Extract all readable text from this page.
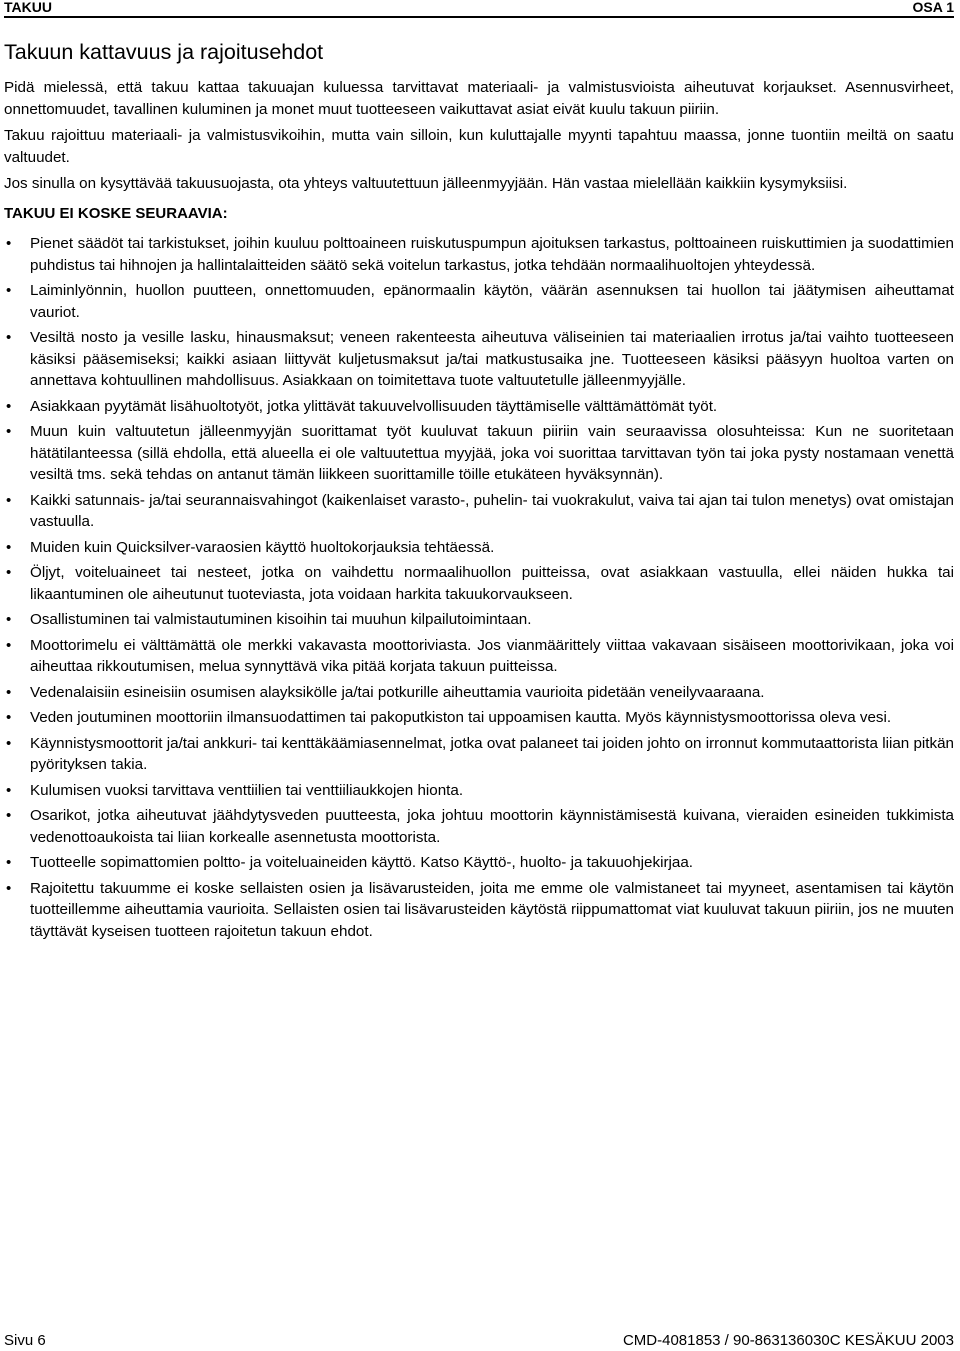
TAKUU	OSA 1
Takuun kattavuus ja rajoitusehdot

Pidä mielessä, että takuu kattaa takuuajan kuluessa tarvittavat materiaali- ja valmistusvioista aiheutuvat korjaukset. Asennusvirheet, onnettomuudet, tavallinen kuluminen ja monet muut tuotteeseen vaikuttavat asiat eivät kuulu takuun piiriin.

Takuu rajoittuu materiaali- ja valmistusvikoihin, mutta vain silloin, kun kuluttajalle myynti tapahtuu maassa, jonne tuontiin meiltä on saatu valtuudet.

Jos sinulla on kysyttävää takuusuojasta, ota yhteys valtuutettuun jälleenmyyjään. Hän vastaa mielellään kaikkiin kysymyksiisi.

TAKUU EI KOSKE SEURAAVIA:
• Pienet säädöt tai tarkistukset, joihin kuuluu polttoaineen ruiskutuspumpun ajoituksen tarkastus, polttoaineen ruiskuttimien ja suodattimien puhdistus tai hihnojen ja hallintalaitteiden säätö sekä voitelun tarkastus, jotka tehdään normaalihuoltojen yhteydessä.
• Laiminlyönnin, huollon puutteen, onnettomuuden, epänormaalin käytön, väärän asennuksen tai huollon tai jäätymisen aiheuttamat vauriot.
• Vesiltä nosto ja vesille lasku, hinausmaksut; veneen rakenteesta aiheutuva väliseinien tai materiaalien irrotus ja/tai vaihto tuotteeseen käsiksi pääsemiseksi; kaikki asiaan liittyvät kuljetusmaksut ja/tai matkustusaika jne. Tuotteeseen käsiksi pääsyyn huoltoa varten on annettava kohtuullinen mahdollisuus. Asiakkaan on toimitettava tuote valtuutetulle jälleenmyyjälle.
• Asiakkaan pyytämät lisähuoltotyöt, jotka ylittävät takuuvelvollisuuden täyttämiselle välttämättömät työt.
• Muun kuin valtuutetun jälleenmyyjän suorittamat työt kuuluvat takuun piiriin vain seuraavissa olosuhteissa: Kun ne suoritetaan hätätilanteessa (sillä ehdolla, että alueella ei ole valtuutettua myyjää, joka voi suorittaa tarvittavan työn tai joka pysty nostamaan venettä vesiltä tms. sekä tehdas on antanut tämän liikkeen suorittamille töille etukäteen hyväksynnän).
• Kaikki satunnais- ja/tai seurannaisvahingot (kaikenlaiset varasto-, puhelin- tai vuokrakulut, vaiva tai ajan tai tulon menetys) ovat omistajan vastuulla.
• Muiden kuin Quicksilver-varaosien käyttö huoltokorjauksia tehtäessä.
• Öljyt, voiteluaineet tai nesteet, jotka on vaihdettu normaalihuollon puitteissa, ovat asiakkaan vastuulla, ellei näiden hukka tai likaantuminen ole aiheutunut tuoteviasta, jota voidaan harkita takuukorvaukseen.
• Osallistuminen tai valmistautuminen kisoihin tai muuhun kilpailutoimintaan.
• Moottorimelu ei välttämättä ole merkki vakavasta moottoriviasta. Jos vianmäärittely viittaa vakavaan sisäiseen moottorivikaan, joka voi aiheuttaa rikkoutumisen, melua synnyttävä vika pitää korjata takuun puitteissa.
• Vedenalaisiin esineisiin osumisen alayksikölle ja/tai potkurille aiheuttamia vaurioita pidetään veneilyvaaraana.
• Veden joutuminen moottoriin ilmansuodattimen tai pakoputkiston tai uppoamisen kautta. Myös käynnistysmoottorissa oleva vesi.
• Käynnistysmoottorit ja/tai ankkuri- tai kenttäkäämiasennelmat, jotka ovat palaneet tai joiden johto on irronnut kommutaattorista liian pitkän pyörityksen takia.
• Kulumisen vuoksi tarvittava venttiilien tai venttiiliaukkojen hionta.
• Osarikot, jotka aiheutuvat jäähdytysveden puutteesta, joka johtuu moottorin käynnistämisestä kuivana, vieraiden esineiden tukkimista vedenottoaukoista tai liian korkealle asennetusta moottorista.
• Tuotteelle sopimattomien poltto- ja voiteluaineiden käyttö. Katso Käyttö-, huolto- ja takuuohjekirjaa.
• Rajoitettu takuumme ei koske sellaisten osien ja lisävarusteiden, joita me emme ole valmistaneet tai myyneet, asentamisen tai käytön tuotteillemme aiheuttamia vaurioita. Sellaisten osien tai lisävarusteiden käytöstä riippumattomat viat kuuluvat takuun piiriin, jos ne muuten täyttävät kyseisen tuotteen rajoitetun takuun ehdot.
Sivu 6	CMD-4081853 / 90-863136030C KESÄKUU 2003
